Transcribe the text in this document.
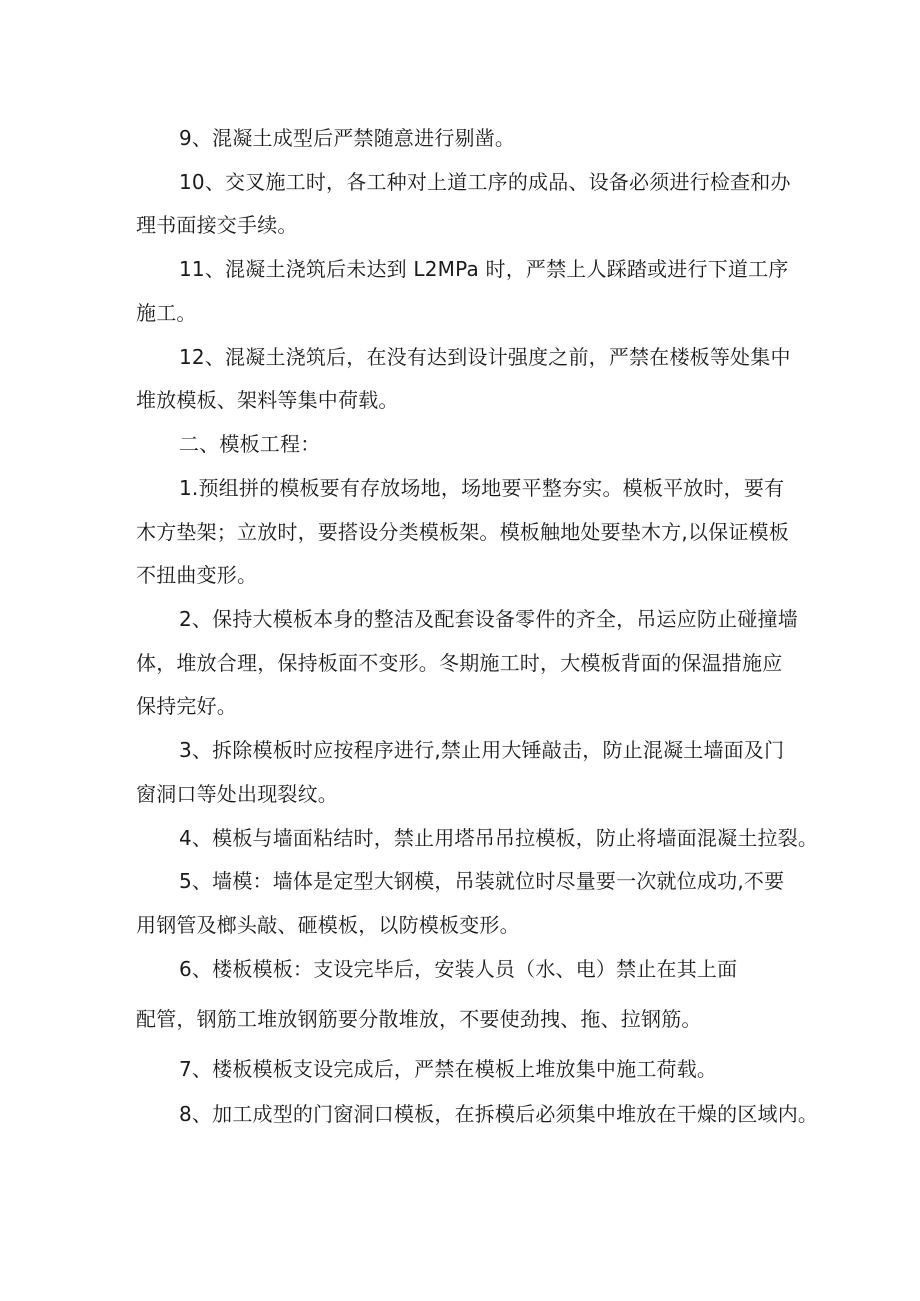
9、混凝土成型后严禁随意进行剔凿。
10、交叉施工时，各工种对上道工序的成品、设备必须进行检查和办
理书面接交手续。
11、混凝土浇筑后未达到 L2MPa 时，严禁上人踩踏或进行下道工序
施工。
12、混凝土浇筑后，在没有达到设计强度之前，严禁在楼板等处集中
堆放模板、架料等集中荷载。
二、模板工程：
1.预组拼的模板要有存放场地，场地要平整夯实。模板平放时，要有
木方垫架；立放时，要搭设分类模板架。模板触地处要垫木方,以保证模板
不扭曲变形。
2、保持大模板本身的整洁及配套设备零件的齐全，吊运应防止碰撞墙
体，堆放合理，保持板面不变形。冬期施工时，大模板背面的保温措施应
保持完好。
3、拆除模板时应按程序进行,禁止用大锤敲击，防止混凝土墙面及门
窗洞口等处出现裂纹。
4、模板与墙面粘结时，禁止用塔吊吊拉模板，防止将墙面混凝土拉裂。
5、墙模：墙体是定型大钢模，吊装就位时尽量要一次就位成功,不要
用钢管及榔头敲、砸模板，以防模板变形。
6、楼板模板：支设完毕后，安装人员（水、电）禁止在其上面
配管，钢筋工堆放钢筋要分散堆放，不要使劲拽、拖、拉钢筋。
7、楼板模板支设完成后，严禁在模板上堆放集中施工荷载。
8、加工成型的门窗洞口模板，在拆模后必须集中堆放在干燥的区域内。
